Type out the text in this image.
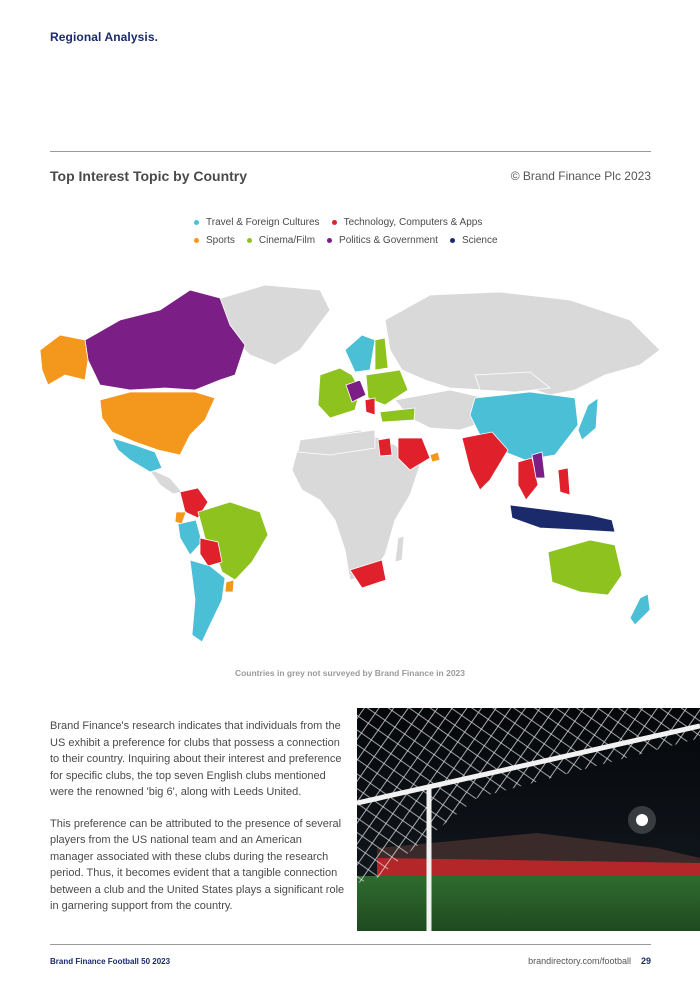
Regional Analysis.
Top Interest Topic by Country	© Brand Finance Plc 2023
Travel & Foreign Cultures Technology, Computers & Apps
Sports Cinema/Film Politics & Government Science
Countries in grey not surveyed by Brand Finance in 2023

Brand Finance's research indicates that individuals from the US exhibit a preference for clubs that possess a connection to their country. Inquiring about their interest and preference for specific clubs, the top seven English clubs mentioned were the renowned 'big 6', along with Leeds United.

This preference can be attributed to the presence of several players from the US national team and an American manager associated with these clubs during the research period. Thus, it becomes evident that a tangible connection between a club and the United States plays a significant role in garnering support from the country.

Brand Finance Football 50 2023	brandirectory.com/football 29
